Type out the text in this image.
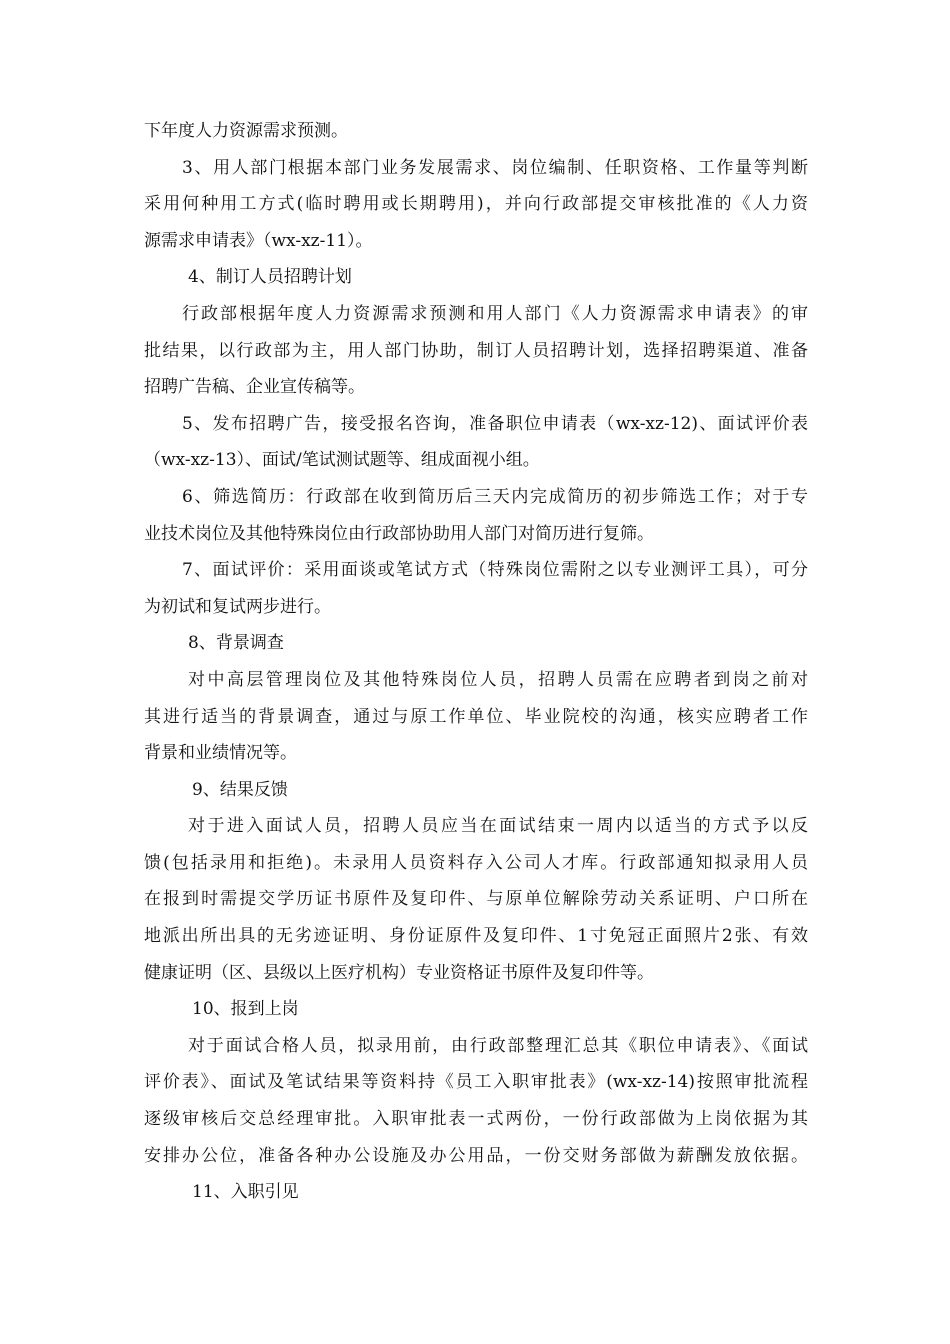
下年度人力资源需求预测。
3、用人部门根据本部门业务发展需求、岗位编制、任职资格、工作量等判断
采用何种用工方式(临时聘用或长期聘用)，并向行政部提交审核批准的《人力资
源需求申请表》（wx-xz-11）。
4、制订人员招聘计划
行政部根据年度人力资源需求预测和用人部门《人力资源需求申请表》的审
批结果，以行政部为主，用人部门协助，制订人员招聘计划，选择招聘渠道、准备
招聘广告稿、企业宣传稿等。
5、发布招聘广告，接受报名咨询，准备职位申请表（wx-xz-12)、面试评价表
（wx-xz-13）、面试/笔试测试题等、组成面视小组。
6、筛选简历：行政部在收到简历后三天内完成简历的初步筛选工作；对于专
业技术岗位及其他特殊岗位由行政部协助用人部门对简历进行复筛。
7、面试评价：采用面谈或笔试方式（特殊岗位需附之以专业测评工具），可分
为初试和复试两步进行。
8、背景调查
对中高层管理岗位及其他特殊岗位人员，招聘人员需在应聘者到岗之前对
其进行适当的背景调查，通过与原工作单位、毕业院校的沟通，核实应聘者工作
背景和业绩情况等。
9、结果反馈
对于进入面试人员，招聘人员应当在面试结束一周内以适当的方式予以反
馈(包括录用和拒绝)。未录用人员资料存入公司人才库。行政部通知拟录用人员
在报到时需提交学历证书原件及复印件、与原单位解除劳动关系证明、户口所在
地派出所出具的无劣迹证明、身份证原件及复印件、1寸免冠正面照片2张、有效
健康证明（区、县级以上医疗机构）专业资格证书原件及复印件等。
10、报到上岗
对于面试合格人员，拟录用前，由行政部整理汇总其《职位申请表》、《面试
评价表》、面试及笔试结果等资料持《员工入职审批表》(wx-xz-14)按照审批流程
逐级审核后交总经理审批。入职审批表一式两份，一份行政部做为上岗依据为其
安排办公位，准备各种办公设施及办公用品，一份交财务部做为薪酬发放依据。
11、入职引见
